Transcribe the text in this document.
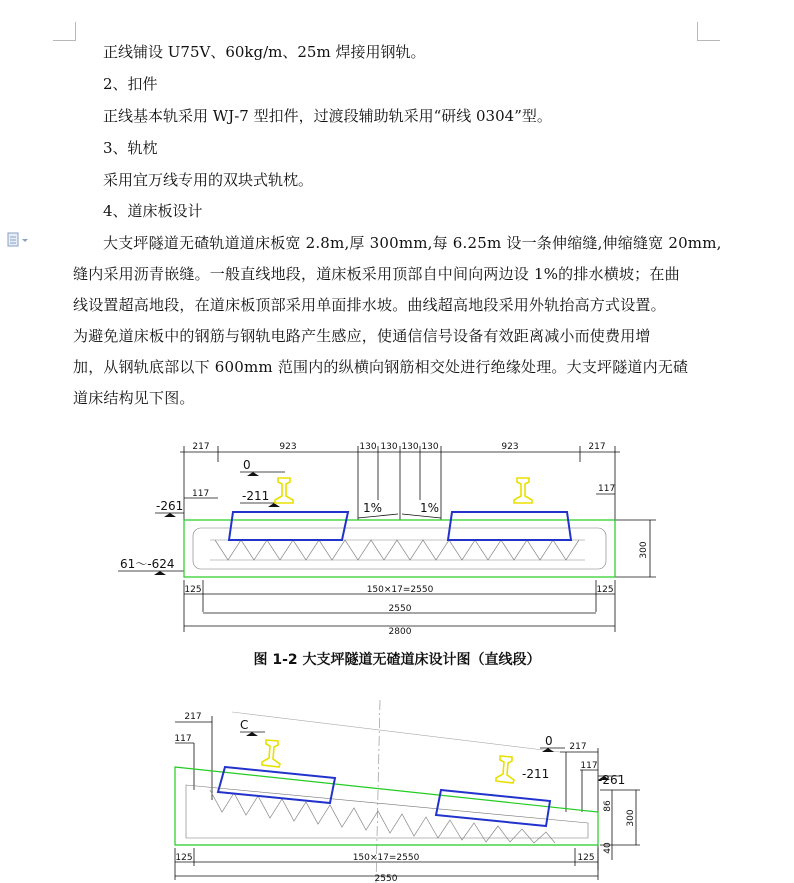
正线铺设 U75V、60kg/m、25m 焊接用钢轨。
2、扣件
正线基本轨采用 WJ-7 型扣件，过渡段辅助轨采用“研线 0304”型。
3、轨枕
采用宜万线专用的双块式轨枕。
4、道床板设计
大支坪隧道无碴轨道道床板宽 2.8m,厚 300mm,每 6.25m 设一条伸缩缝,伸缩缝宽 20mm,
缝内采用沥青嵌缝。一般直线地段，道床板采用顶部自中间向两边设 1%的排水横坡；在曲
线设置超高地段，在道床板顶部采用单面排水坡。曲线超高地段采用外轨抬高方式设置。
为避免道床板中的钢筋与钢轨电路产生感应，使通信信号设备有效距离减小而使费用增
加，从钢轨底部以下 600mm 范围内的纵横向钢筋相交处进行绝缘处理。大支坪隧道内无碴
道床结构见下图。
217	923	130 130 130 130	923	217
117	117
300
125	150×17=2550	125
2550
2800
0
-211
-261
61～-624
1%	1%
图 1-2 大支坪隧道无碴道床设计图（直线段）
217
117
217
117
86
300
40
125	150×17=2550	125
2550
C
0
-211	-261
